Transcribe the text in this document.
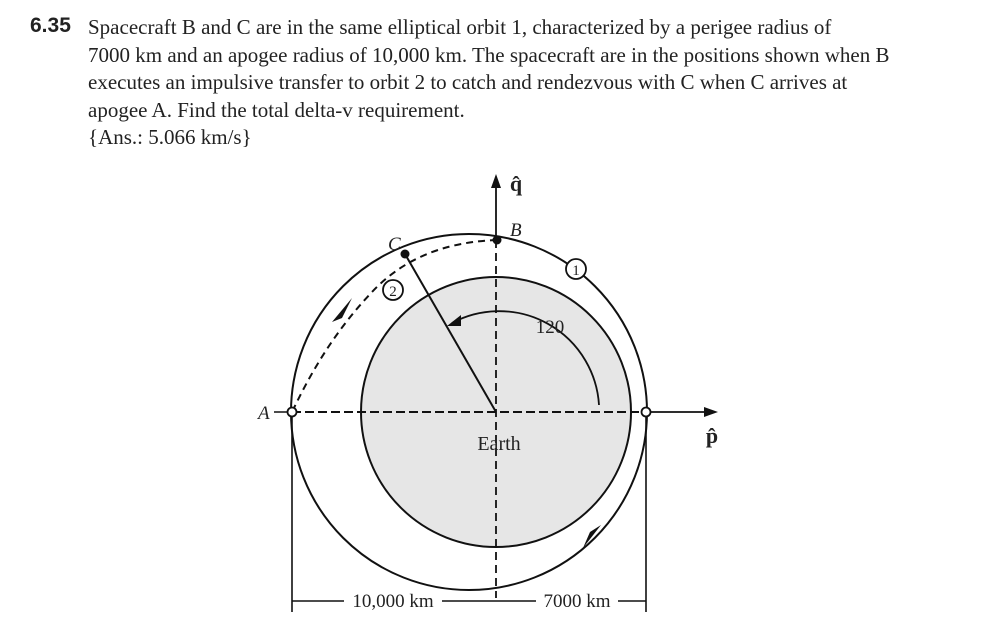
6.35 Spacecraft B and C are in the same elliptical orbit 1, characterized by a perigee radius of
7000 km and an apogee radius of 10,000 km. The spacecraft are in the positions shown when B
executes an impulsive transfer to orbit 2 to catch and rendezvous with C when C arrives at
apogee A. Find the total delta-v requirement.
{Ans.: 5.066 km/s}
1
2
q̂
p̂
B
C
A
Earth
120
10,000 km	7000 km
